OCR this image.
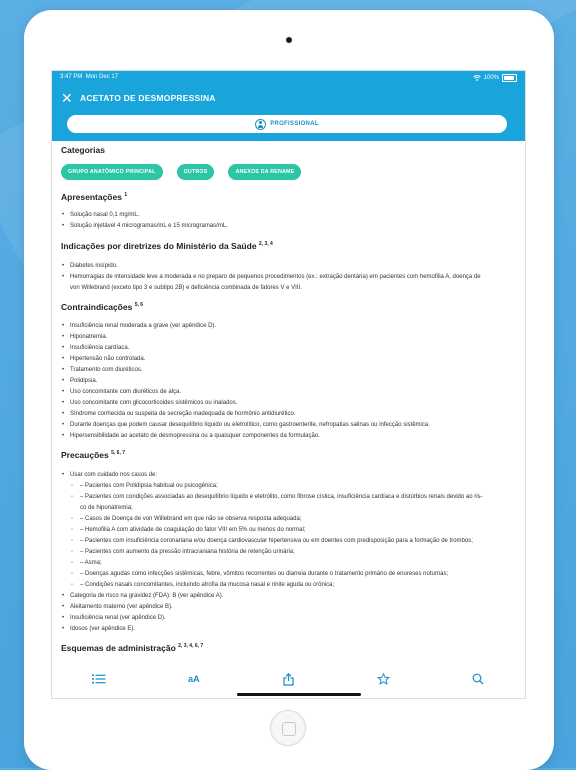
3:47 PM Mon Dec 17	100%
✕ ACETATO DE DESMOPRESSINA
PROFISSIONAL
Categorias
GRUPO ANATÔMICO PRINCIPAL	OUTROS	ANEXOS DA RENAME
Apresentações $^1$
• Solução nasal 0,1 mg/mL.
• Solução injetável 4 microgramas/mL e 15 microgramas/mL.
Indicações por diretrizes do Ministério da Saúde $^{2, 3, 4}$
• Diabetes insípido.
• Hemorragias de intensidade leve a moderada e no preparo de pequenos procedimentos (ex.: extração dentária) em pacientes com hemofilia A, doença de
von Willebrand (exceto tipo 3 e subtipo 2B) e deficiência combinada de fatores V e VIII.
Contraindicações $^{5, 6}$
• Insuficiência renal moderada a grave (ver apêndice D).
• Hiponatremia.
• Insuficiência cardíaca.
• Hipertensão não controlada.
• Tratamento com diuréticos.
• Polidipsia.
• Uso concomitante com diuréticos de alça.
• Uso concomitante com glicocorticoides sistêmicos ou inalados.
• Síndrome conhecida ou suspeita de secreção inadequada de hormônio antidiurético.
• Durante doenças que podem causar desequilíbrio líquido ou eletrolítico, como gastroenterite, nefropatias salinas ou infecção sistêmica.
• Hipersensibilidade ao acetato de desmopressina ou a quaisquer componentes da formulação.
Precauções $^{5, 6, 7}$
• Usar com cuidado nos casos de:
◦ – Pacientes com Polidipsia habitual ou psicogênica;
◦ – Pacientes com condições associadas ao desequilíbrio líquido e eletrólito, como fibrose cística, insuficiência cardíaca e distúrbios renais devido ao ris-
co de hiponatremia;
◦ – Casos de Doença de von Willebrand em que não se observa resposta adequada;
◦ – Hemofilia A com atividade de coagulação do fator VIII em 5% ou menos do normal;
◦ – Pacientes com insuficiência coronariana e/ou doença cardiovascular hipertensiva ou em doentes com predisposição para a formação de trombos;
◦ – Pacientes com aumento da pressão intracraniana história de retenção urinária;
◦ – Asma;
◦ – Doenças agudas como infecções sistêmicas, febre, vômitos recorrentes ou diarreia durante o tratamento primário de enureses noturnas;
◦ – Condições nasais concomitantes, incluindo atrofia da mucosa nasal e rinite aguda ou crônica;
• Categoria de risco na gravidez (FDA): B (ver apêndice A).
• Aleitamento materno (ver apêndice B).
• Insuficiência renal (ver apêndice D).
• Idosos (ver apêndice E).
Esquemas de administração $^{2, 3, 4, 6, 7}$
aA
